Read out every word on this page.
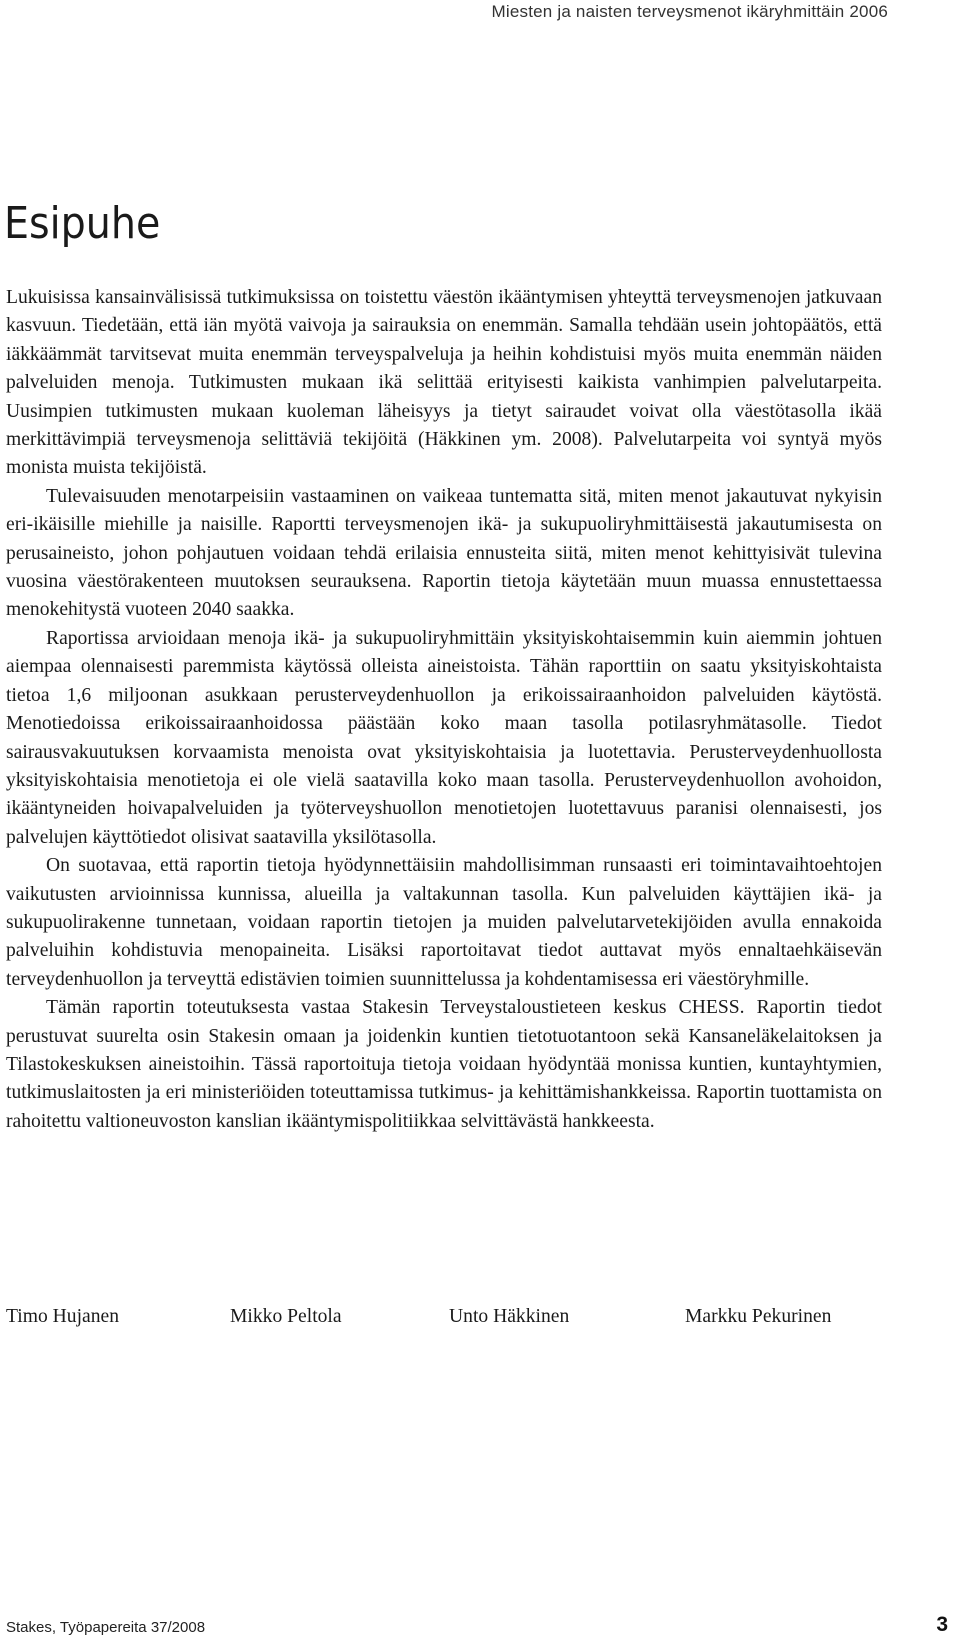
Miesten ja naisten terveysmenot ikäryhmittäin 2006
Esipuhe

Lukuisissa kansainvälisissä tutkimuksissa on toistettu väestön ikääntymisen yhteyttä terveysmenojen jatkuvaan kasvuun. Tiedetään, että iän myötä vaivoja ja sairauksia on enemmän. Samalla tehdään usein johtopäätös, että iäkkäämmät tarvitsevat muita enemmän terveyspalveluja ja heihin kohdistuisi myös muita enemmän näiden palveluiden menoja. Tutkimusten mukaan ikä selittää erityisesti kaikista vanhimpien palvelutarpeita. Uusimpien tutkimusten mukaan kuoleman läheisyys ja tietyt sairaudet voivat olla väestötasolla ikää merkittävimpiä terveysmenoja selittäviä tekijöitä (Häkkinen ym. 2008). Palvelutarpeita voi syntyä myös monista muista tekijöistä.

Tulevaisuuden menotarpeisiin vastaaminen on vaikeaa tuntematta sitä, miten menot jakautuvat nykyisin eri-ikäisille miehille ja naisille. Raportti terveysmenojen ikä- ja sukupuoliryhmittäisestä jakautumisesta on perusaineisto, johon pohjautuen voidaan tehdä erilaisia ennusteita siitä, miten menot kehittyisivät tulevina vuosina väestörakenteen muutoksen seurauksena. Raportin tietoja käytetään muun muassa ennustettaessa menokehitystä vuoteen 2040 saakka.

Raportissa arvioidaan menoja ikä- ja sukupuoliryhmittäin yksityiskohtaisemmin kuin aiemmin johtuen aiempaa olennaisesti paremmista käytössä olleista aineistoista. Tähän raporttiin on saatu yksityiskohtaista tietoa 1,6 miljoonan asukkaan perusterveydenhuollon ja erikoissairaanhoidon palveluiden käytöstä. Menotiedoissa erikoissairaanhoidossa päästään koko maan tasolla potilasryhmätasolle. Tiedot sairausvakuutuksen korvaamista menoista ovat yksityiskohtaisia ja luotettavia. Perusterveydenhuollosta yksityiskohtaisia menotietoja ei ole vielä saatavilla koko maan tasolla. Perusterveydenhuollon avohoidon, ikääntyneiden hoivapalveluiden ja työterveyshuollon menotietojen luotettavuus paranisi olennaisesti, jos palvelujen käyttötiedot olisivat saatavilla yksilötasolla.

On suotavaa, että raportin tietoja hyödynnettäisiin mahdollisimman runsaasti eri toimintavaihtoehtojen vaikutusten arvioinnissa kunnissa, alueilla ja valtakunnan tasolla. Kun palveluiden käyttäjien ikä- ja sukupuolirakenne tunnetaan, voidaan raportin tietojen ja muiden palvelutarvetekijöiden avulla ennakoida palveluihin kohdistuvia menopaineita. Lisäksi raportoitavat tiedot auttavat myös ennaltaehkäisevän terveydenhuollon ja terveyttä edistävien toimien suunnittelussa ja kohdentamisessa eri väestöryhmille.

Tämän raportin toteutuksesta vastaa Stakesin Terveystaloustieteen keskus CHESS. Raportin tiedot perustuvat suurelta osin Stakesin omaan ja joidenkin kuntien tietotuotantoon sekä Kansaneläkelaitoksen ja Tilastokeskuksen aineistoihin. Tässä raportoituja tietoja voidaan hyödyntää monissa kuntien, kuntayhtymien, tutkimuslaitosten ja eri ministeriöiden toteuttamissa tutkimus- ja kehittämishankkeissa. Raportin tuottamista on rahoitettu valtioneuvoston kanslian ikääntymispolitiikkaa selvittävästä hankkeesta.

Timo Hujanen	Mikko Peltola	Unto Häkkinen	Markku Pekurinen
Stakes, Työpapereita 37/2008	3
